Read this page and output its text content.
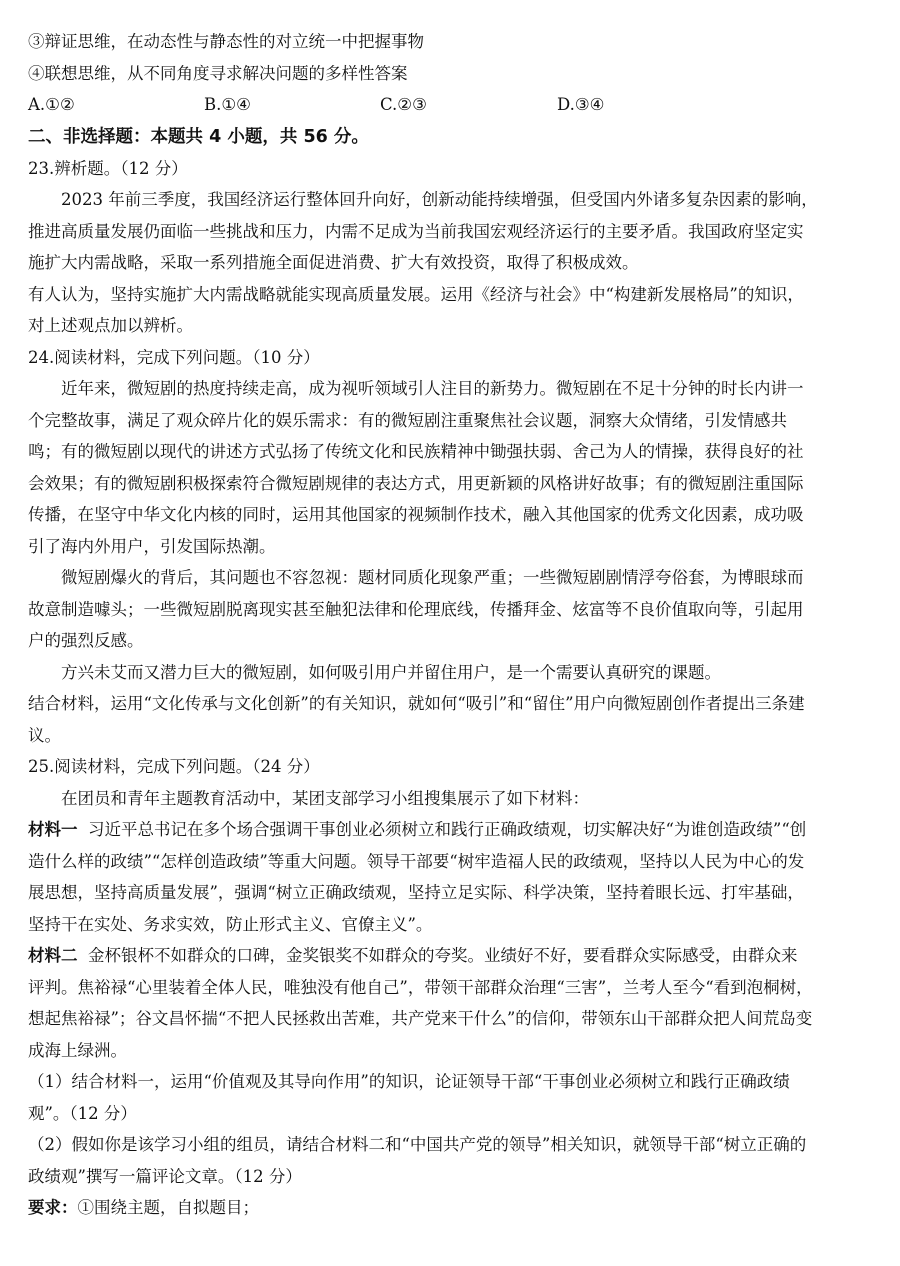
③辩证思维，在动态性与静态性的对立统一中把握事物
④联想思维，从不同角度寻求解决问题的多样性答案
A.①②	B.①④	C.②③	D.③④
二、非选择题：本题共 4 小题，共 56 分。
23.辨析题。（12 分）
2023 年前三季度，我国经济运行整体回升向好，创新动能持续增强，但受国内外诸多复杂因素的影响，
推进高质量发展仍面临一些挑战和压力，内需不足成为当前我国宏观经济运行的主要矛盾。我国政府坚定实
施扩大内需战略，采取一系列措施全面促进消费、扩大有效投资，取得了积极成效。
有人认为，坚持实施扩大内需战略就能实现高质量发展。运用《经济与社会》中“构建新发展格局”的知识，
对上述观点加以辨析。
24.阅读材料，完成下列问题。（10 分）
近年来，微短剧的热度持续走高，成为视听领域引人注目的新势力。微短剧在不足十分钟的时长内讲一
个完整故事，满足了观众碎片化的娱乐需求：有的微短剧注重聚焦社会议题，洞察大众情绪，引发情感共
鸣；有的微短剧以现代的讲述方式弘扬了传统文化和民族精神中锄强扶弱、舍己为人的情操，获得良好的社
会效果；有的微短剧积极探索符合微短剧规律的表达方式，用更新颖的风格讲好故事；有的微短剧注重国际
传播，在坚守中华文化内核的同时，运用其他国家的视频制作技术，融入其他国家的优秀文化因素，成功吸
引了海内外用户，引发国际热潮。
微短剧爆火的背后，其问题也不容忽视：题材同质化现象严重；一些微短剧剧情浮夸俗套，为博眼球而
故意制造噱头；一些微短剧脱离现实甚至触犯法律和伦理底线，传播拜金、炫富等不良价值取向等，引起用
户的强烈反感。
方兴未艾而又潜力巨大的微短剧，如何吸引用户并留住用户，是一个需要认真研究的课题。
结合材料，运用“文化传承与文化创新”的有关知识，就如何“吸引”和“留住”用户向微短剧创作者提出三条建
议。
25.阅读材料，完成下列问题。（24 分）
在团员和青年主题教育活动中，某团支部学习小组搜集展示了如下材料：
材料一 习近平总书记在多个场合强调干事创业必须树立和践行正确政绩观，切实解决好“为谁创造政绩”“创
造什么样的政绩”“怎样创造政绩”等重大问题。领导干部要“树牢造福人民的政绩观，坚持以人民为中心的发
展思想，坚持高质量发展”，强调“树立正确政绩观，坚持立足实际、科学决策，坚持着眼长远、打牢基础，
坚持干在实处、务求实效，防止形式主义、官僚主义”。
材料二 金杯银杯不如群众的口碑，金奖银奖不如群众的夸奖。业绩好不好，要看群众实际感受，由群众来
评判。焦裕禄“心里装着全体人民，唯独没有他自己”，带领干部群众治理“三害”，兰考人至今“看到泡桐树，
想起焦裕禄”；谷文昌怀揣“不把人民拯救出苦难，共产党来干什么”的信仰，带领东山干部群众把人间荒岛变
成海上绿洲。
（1）结合材料一，运用“价值观及其导向作用”的知识，论证领导干部“干事创业必须树立和践行正确政绩
观”。（12 分）
（2）假如你是该学习小组的组员，请结合材料二和“中国共产党的领导”相关知识，就领导干部“树立正确的
政绩观”撰写一篇评论文章。（12 分）
要求：①围绕主题，自拟题目；
